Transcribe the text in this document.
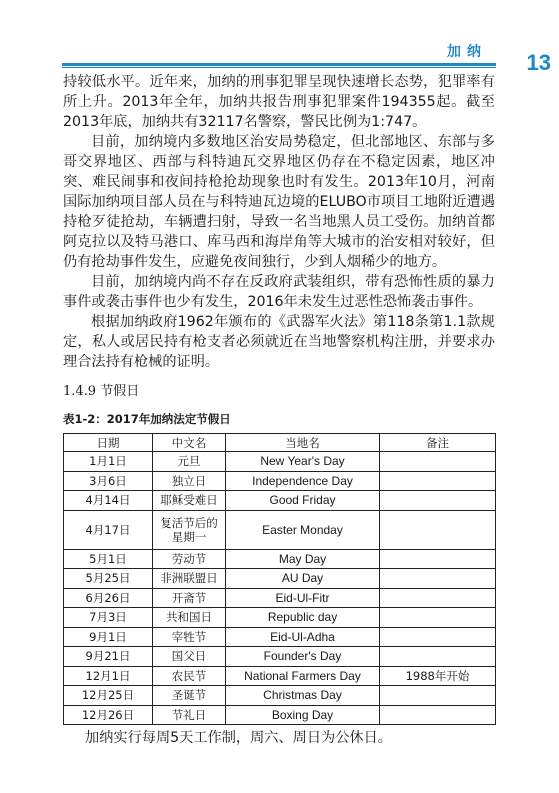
加纳 13

持较低水平。近年来，加纳的刑事犯罪呈现快速增长态势，犯罪率有所上升。2013年全年，加纳共报告刑事犯罪案件194355起。截至2013年底，加纳共有32117名警察，警民比例为1:747。

目前，加纳境内多数地区治安局势稳定，但北部地区、东部与多哥交界地区、西部与科特迪瓦交界地区仍存在不稳定因素，地区冲突、难民闹事和夜间持枪抢劫现象也时有发生。2013年10月，河南国际加纳项目部人员在与科特迪瓦边境的ELUBO市项目工地附近遭遇持枪歹徒抢劫，车辆遭扫射，导致一名当地黑人员工受伤。加纳首都阿克拉以及特马港口、库马西和海岸角等大城市的治安相对较好，但仍有抢劫事件发生，应避免夜间独行，少到人烟稀少的地方。

目前，加纳境内尚不存在反政府武装组织，带有恐怖性质的暴力事件或袭击事件也少有发生，2016年未发生过恶性恐怖袭击事件。

根据加纳政府1962年颁布的《武器军火法》第118条第1.1款规定，私人或居民持有枪支者必须就近在当地警察机构注册，并要求办理合法持有枪械的证明。

1.4.9 节假日

表1-2：2017年加纳法定节假日

日期	中文名	当地名	备注
1月1日	元旦	New Year's Day	
3月6日	独立日	Independence Day	
4月14日	耶稣受难日	Good Friday	
4月17日	复活节后的星期一	Easter Monday	
5月1日	劳动节	May Day	
5月25日	非洲联盟日	AU Day	
6月26日	开斋节	Eid-Ul-Fitr	
7月3日	共和国日	Republic day	
9月1日	宰牲节	Eid-Ul-Adha	
9月21日	国父日	Founder's Day	
12月1日	农民节	National Farmers Day	1988年开始
12月25日	圣诞节	Christmas Day	
12月26日	节礼日	Boxing Day	

加纳实行每周5天工作制，周六、周日为公休日。
